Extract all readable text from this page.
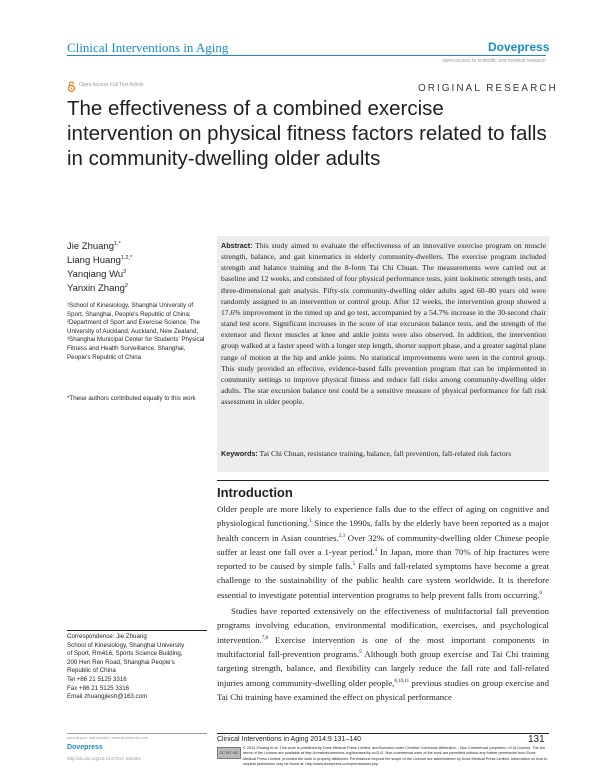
Clinical Interventions in Aging	Dovepress
open access to scientific and medical research
Open Access Full Text Article	ORIGINAL RESEARCH
The effectiveness of a combined exercise intervention on physical fitness factors related to falls in community-dwelling older adults
Jie Zhuang$^{1,*}$
Liang Huang$^{1,2,*}$
Yanqiang Wu$^3$
Yanxin Zhang$^2$
¹School of Kinesiology, Shanghai University of Sport, Shanghai, People's Republic of China; ²Department of Sport and Exercise Science, The University of Auckland, Auckland, New Zealand; ³Shanghai Municipal Center for Students' Physical Fitness and Health Surveillance, Shanghai, People's Republic of China
*These authors contributed equally to this work
Abstract: This study aimed to evaluate the effectiveness of an innovative exercise program on muscle strength, balance, and gait kinematics in elderly community-dwellers. The exercise program included strength and balance training and the 8-form Tai Chi Chuan. The measurements were carried out at baseline and 12 weeks, and consisted of four physical performance tests, joint isokinetic strength tests, and three-dimensional gait analysis. Fifty-six community-dwelling older adults aged 60–80 years old were randomly assigned to an intervention or control group. After 12 weeks, the intervention group showed a 17.6% improvement in the timed up and go test, accompanied by a 54.7% increase in the 30-second chair stand test score. Significant increases in the score of star excursion balance tests, and the strength of the extensor and flexor muscles at knee and ankle joints were also observed. In addition, the intervention group walked at a faster speed with a longer step length, shorter support phase, and a greater sagittal plane range of motion at the hip and ankle joints. No statistical improvements were seen in the control group. This study provided an effective, evidence-based falls prevention program that can be implemented in community settings to improve physical fitness and reduce fall risks among community-dwelling older adults. The star excursion balance test could be a sensitive measure of physical performance for fall risk assessment in older people.
Keywords: Tai Chi Chuan, resistance training, balance, fall prevention, fall-related risk factors
Introduction

Older people are more likely to experience falls due to the effect of aging on cognitive and physiological functioning.$^1$ Since the 1990s, falls by the elderly have been reported as a major health concern in Asian countries.$^{2,3}$ Over 32% of community-dwelling older Chinese people suffer at least one fall over a 1-year period.$^4$ In Japan, more than 70% of hip fractures were reported to be caused by simple falls.$^5$ Falls and fall-related symptoms have become a great challenge to the sustainability of the public health care system worldwide. It is therefore essential to investigate potential intervention programs to help prevent falls from occurring.$^6$

Studies have reported extensively on the effectiveness of multifactorial fall prevention programs involving education, environmental modification, exercises, and psychological intervention.$^{7,8}$ Exercise intervention is one of the most important components in multifactorial fall-prevention programs.$^9$ Although both group exercise and Tai Chi training targeting strength, balance, and flexibility can largely reduce the fall rate and fall-related injuries among community-dwelling older people,$^{8,10,11}$ previous studies on group exercise and Tai Chi training have examined the effect on physical performance

Correspondence: Jie Zhuang
School of Kinesiology, Shanghai University
of Sport, Rm416, Sports Science Building,
200 Hen Ren Road, Shanghai People's
Republic of China
Tel +86 21 5125 3316
Fax +86 21 5125 3316
Email zhuangjiesh@163.com
submit your manuscript | www.dovepress.com
Dovepress
http://dx.doi.org/10.2147/CIA.S56451
Clinical Interventions in Aging 2014:9 131–140	131
CC BY NC
© 2014 Zhuang et al. This work is published by Dove Medical Press Limited, and licensed under Creative Commons Attribution – Non Commercial (unported, v3.0) License. The full terms of the License are available at http://creativecommons.org/licenses/by-nc/3.0/. Non-commercial uses of the work are permitted without any further permission from Dove Medical Press Limited, provided the work is properly attributed. Permissions beyond the scope of the License are administered by Dove Medical Press Limited. Information on how to request permission may be found at: http://www.dovepress.com/permissions.php
